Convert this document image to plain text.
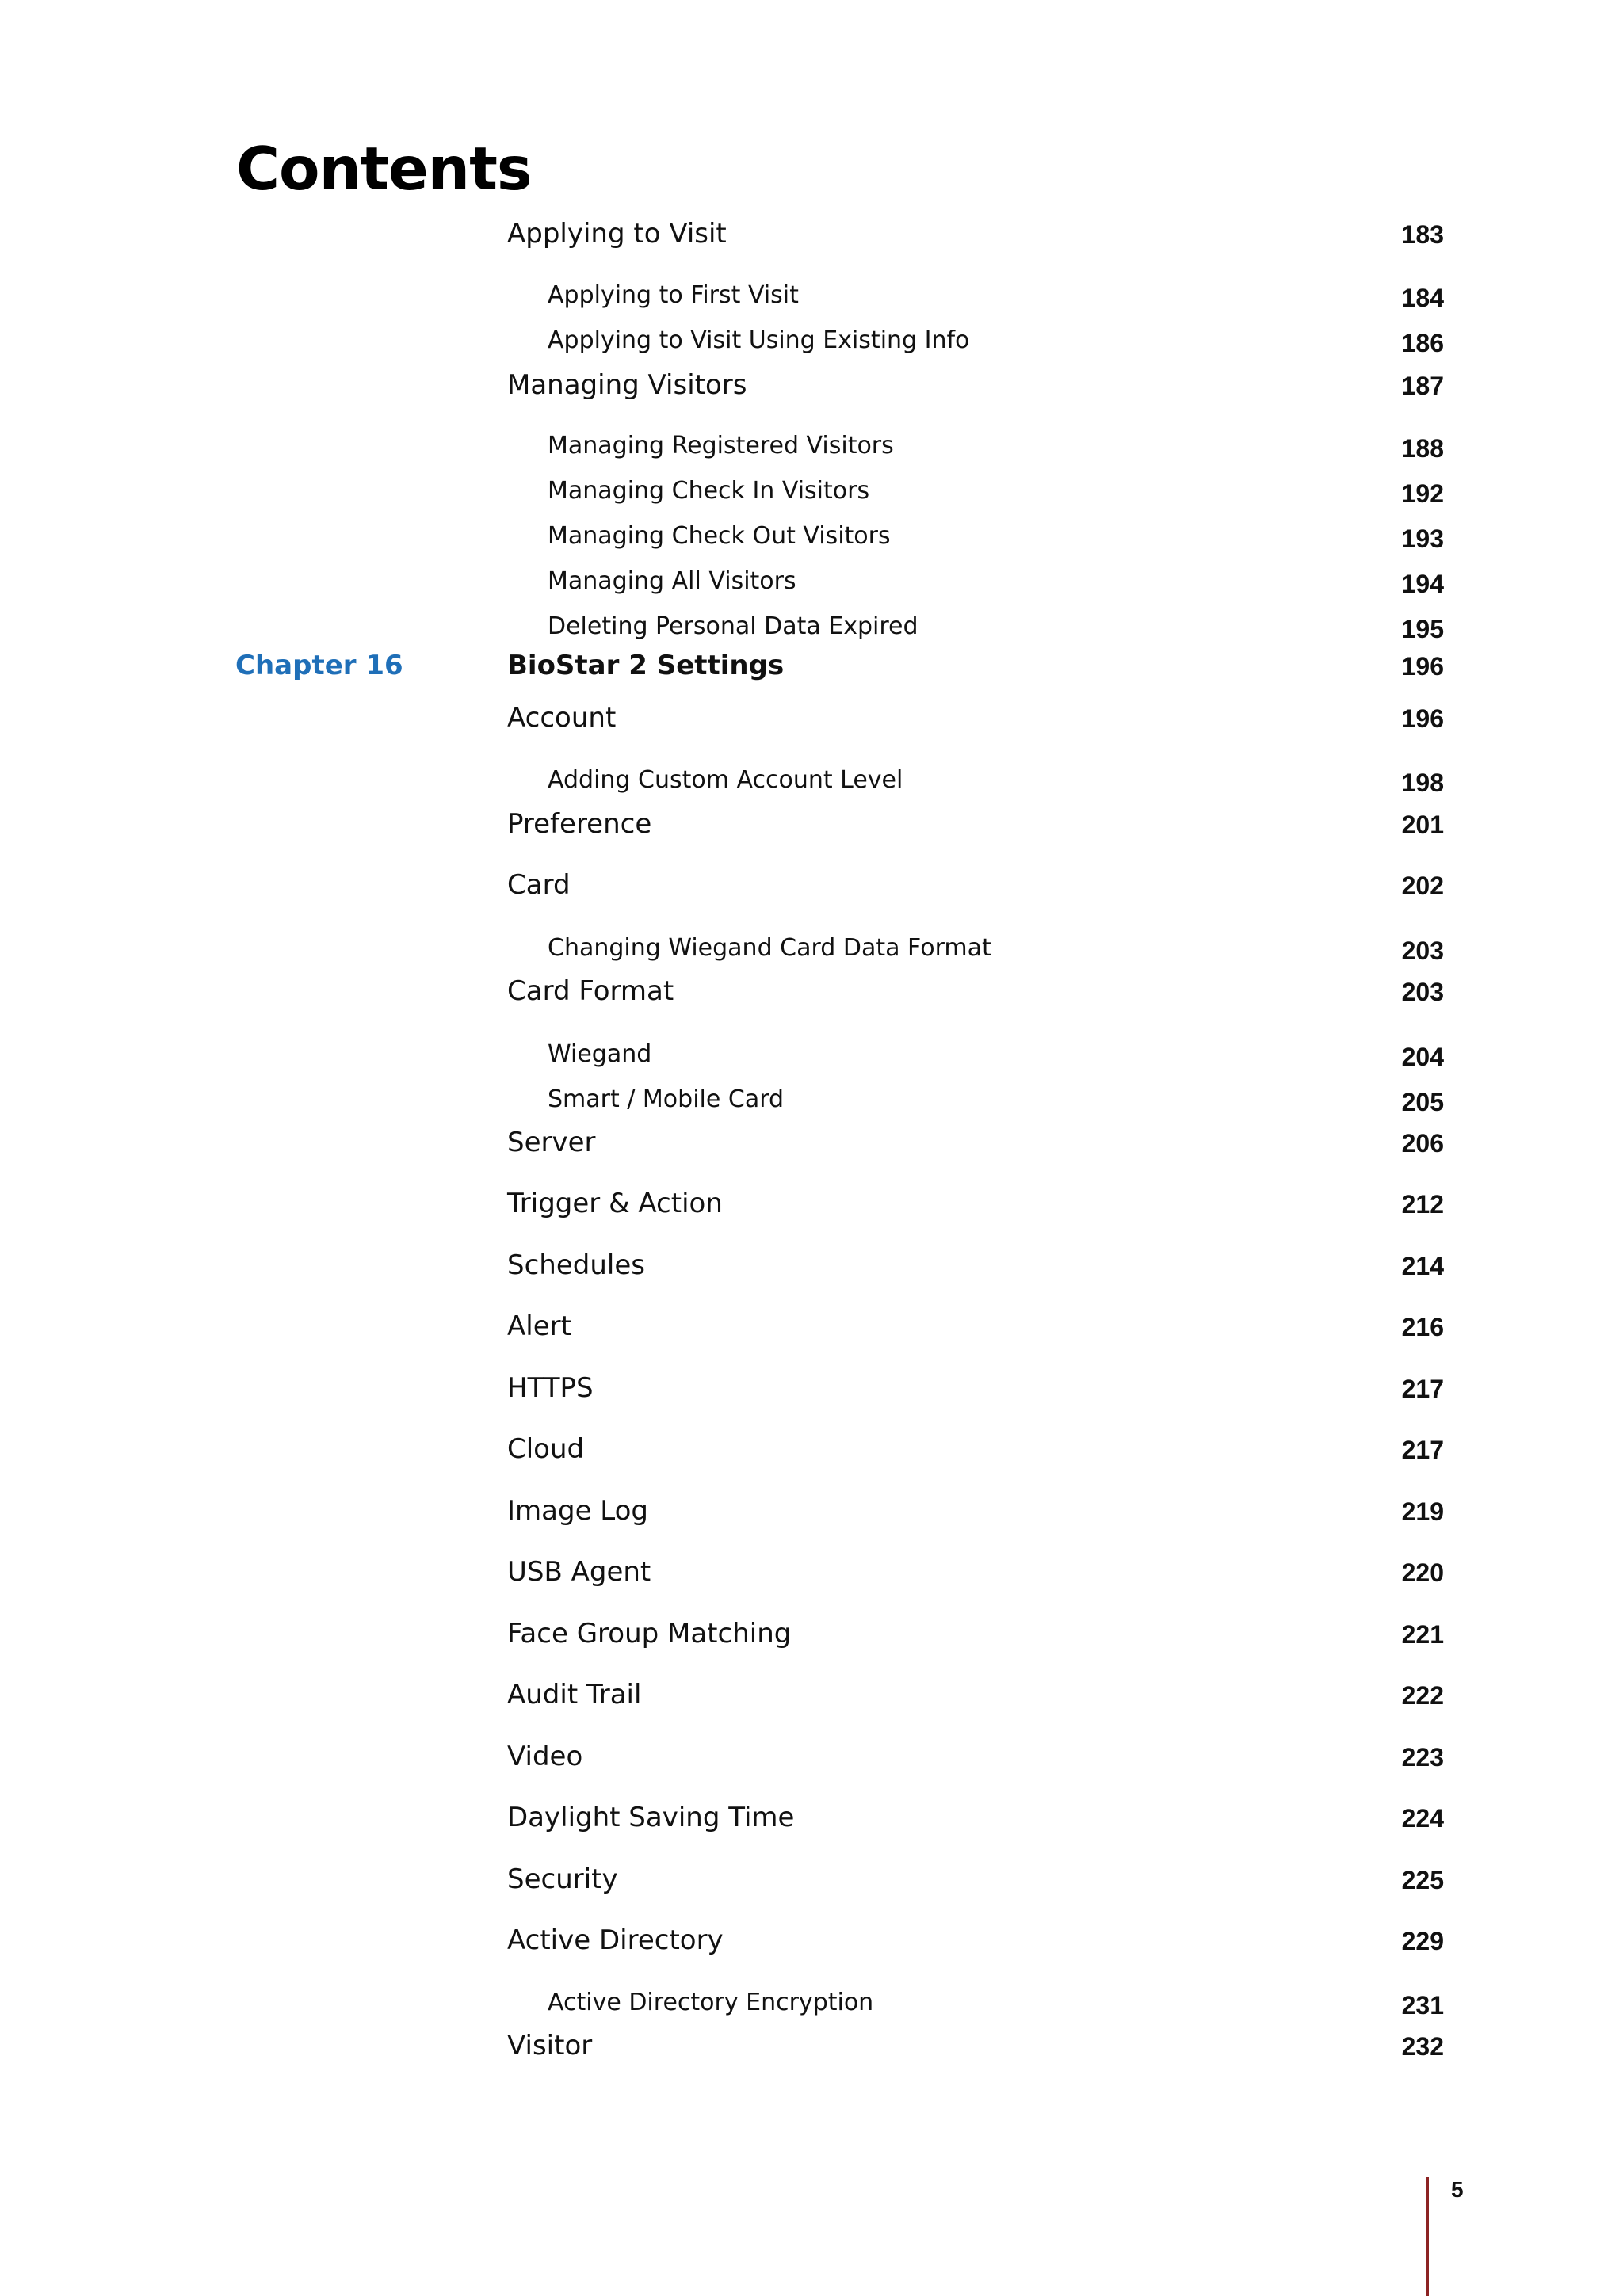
Contents
Applying to Visit	183
Applying to First Visit	184
Applying to Visit Using Existing Info	186
Managing Visitors	187
Managing Registered Visitors	188
Managing Check In Visitors	192
Managing Check Out Visitors	193
Managing All Visitors	194
Deleting Personal Data Expired	195
Chapter 16	BioStar 2 Settings	196
Account	196
Adding Custom Account Level	198
Preference	201
Card	202
Changing Wiegand Card Data Format	203
Card Format	203
Wiegand	204
Smart / Mobile Card	205
Server	206
Trigger & Action	212
Schedules	214
Alert	216
HTTPS	217
Cloud	217
Image Log	219
USB Agent	220
Face Group Matching	221
Audit Trail	222
Video	223
Daylight Saving Time	224
Security	225
Active Directory	229
Active Directory Encryption	231
Visitor	232
5
